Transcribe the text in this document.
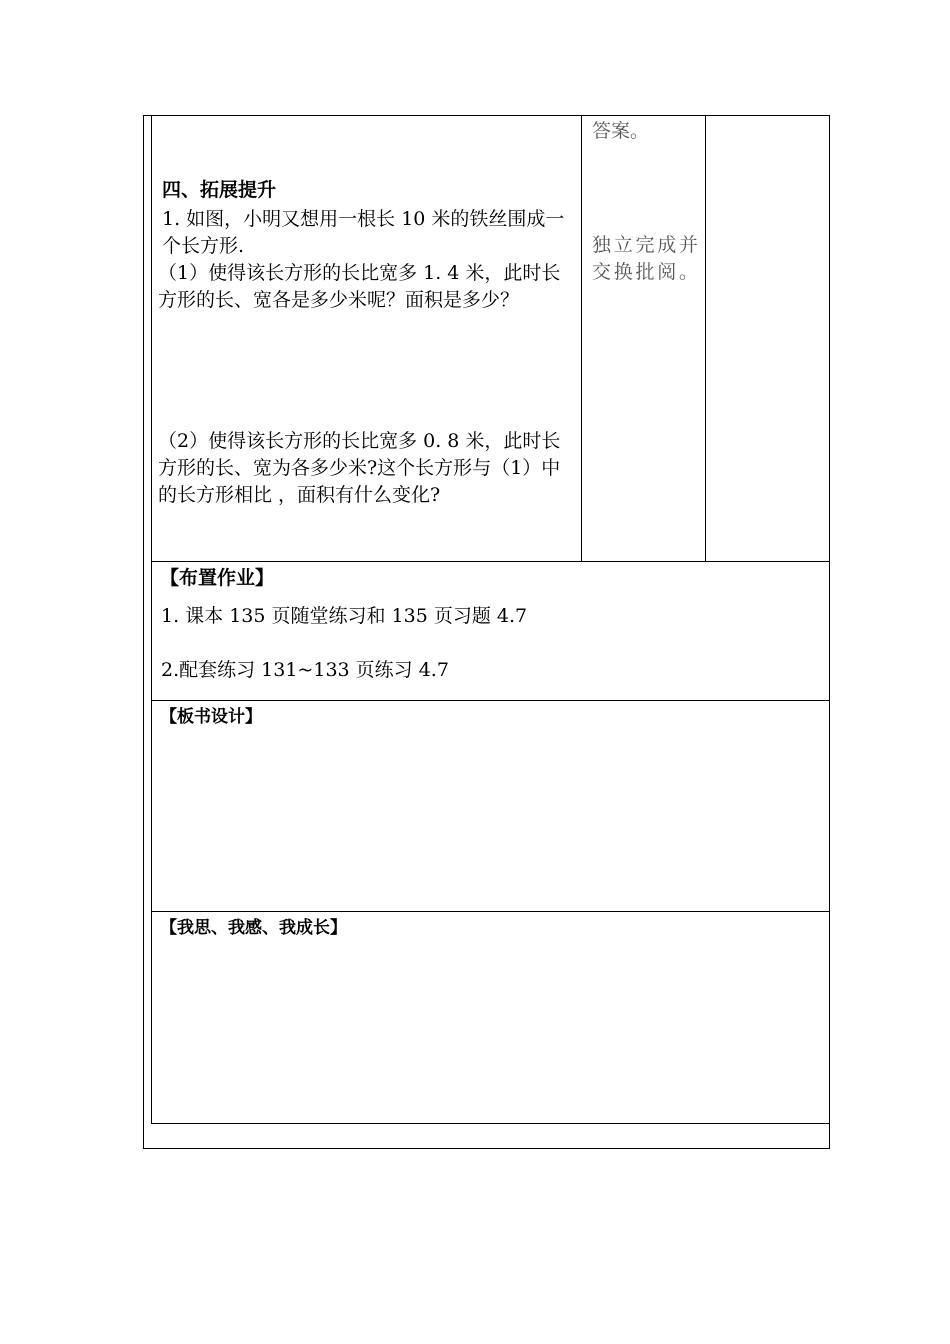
答案。
独立完成并交换批阅。
四、拓展提升
1. 如图，小明又想用一根长 10 米的铁丝围成一个长方形.
（1）使得该长方形的长比宽多 1. 4 米，此时长方形的长、宽各是多少米呢？面积是多少？
（2）使得该长方形的长比宽多 0. 8 米，此时长方形的长、宽为各多少米?这个长方形与（1）中的长方形相比 ，面积有什么变化?
【布置作业】
1. 课本 135 页随堂练习和 135 页习题 4.7
2.配套练习 131~133 页练习 4.7
【板书设计】
【我思、我感、我成长】
